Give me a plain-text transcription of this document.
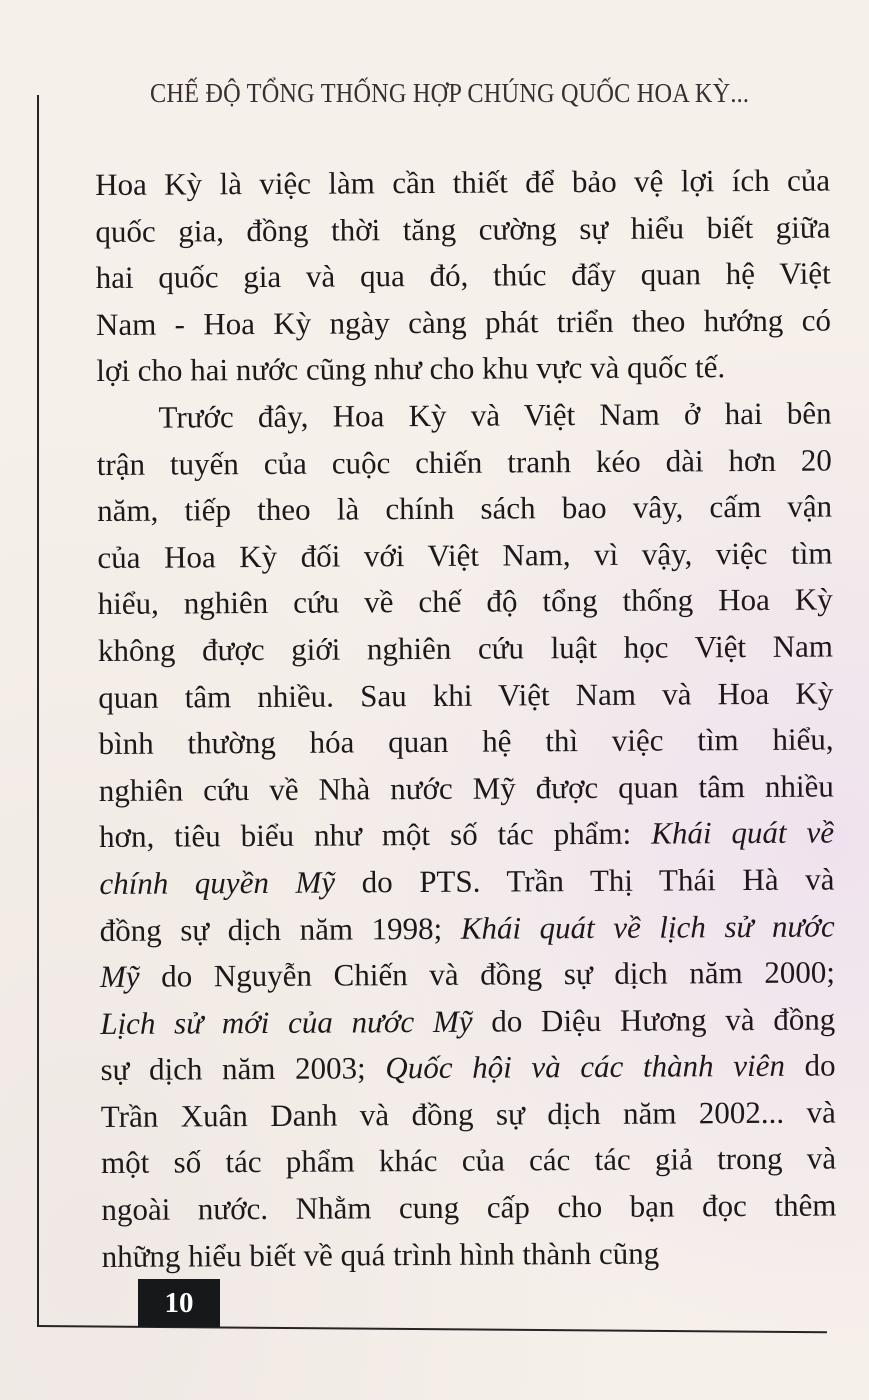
CHẾ ĐỘ TỔNG THỐNG HỢP CHÚNG QUỐC HOA KỲ...
Hoa Kỳ là việc làm cần thiết để bảo vệ lợi ích của
quốc gia, đồng thời tăng cường sự hiểu biết giữa
hai quốc gia và qua đó, thúc đẩy quan hệ Việt
Nam - Hoa Kỳ ngày càng phát triển theo hướng có
lợi cho hai nước cũng như cho khu vực và quốc tế.
Trước đây, Hoa Kỳ và Việt Nam ở hai bên
trận tuyến của cuộc chiến tranh kéo dài hơn 20
năm, tiếp theo là chính sách bao vây, cấm vận
của Hoa Kỳ đối với Việt Nam, vì vậy, việc tìm
hiểu, nghiên cứu về chế độ tổng thống Hoa Kỳ
không được giới nghiên cứu luật học Việt Nam
quan tâm nhiều. Sau khi Việt Nam và Hoa Kỳ
bình thường hóa quan hệ thì việc tìm hiểu,
nghiên cứu về Nhà nước Mỹ được quan tâm nhiều
hơn, tiêu biểu như một số tác phẩm: Khái quát về
chính quyền Mỹ do PTS. Trần Thị Thái Hà và
đồng sự dịch năm 1998; Khái quát về lịch sử nước
Mỹ do Nguyễn Chiến và đồng sự dịch năm 2000;
Lịch sử mới của nước Mỹ do Diệu Hương và đồng
sự dịch năm 2003; Quốc hội và các thành viên do
Trần Xuân Danh và đồng sự dịch năm 2002... và
một số tác phẩm khác của các tác giả trong và
ngoài nước. Nhằm cung cấp cho bạn đọc thêm
những hiểu biết về quá trình hình thành cũng
10
